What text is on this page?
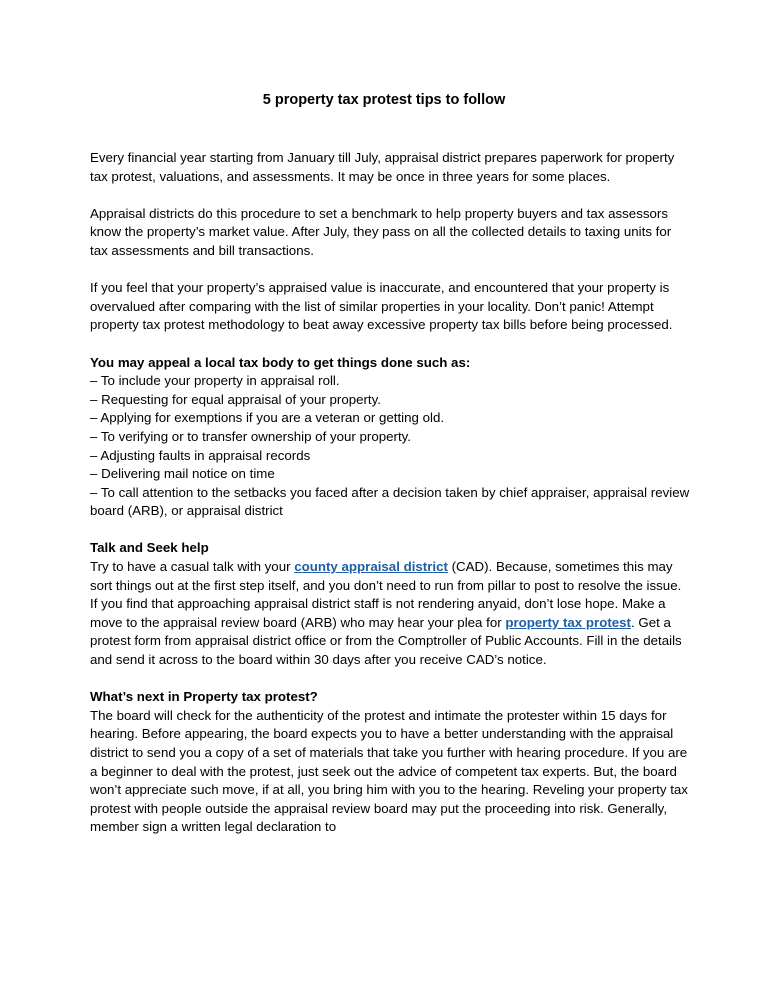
5 property tax protest tips to follow

Every financial year starting from January till July, appraisal district prepares paperwork for property tax protest, valuations, and assessments. It may be once in three years for some places.

Appraisal districts do this procedure to set a benchmark to help property buyers and tax assessors know the property’s market value. After July, they pass on all the collected details to taxing units for tax assessments and bill transactions.

If you feel that your property’s appraised value is inaccurate, and encountered that your property is overvalued after comparing with the list of similar properties in your locality. Don’t panic! Attempt property tax protest methodology to beat away excessive property tax bills before being processed.

You may appeal a local tax body to get things done such as:
– To include your property in appraisal roll.
– Requesting for equal appraisal of your property.
– Applying for exemptions if you are a veteran or getting old.
– To verifying or to transfer ownership of your property.
– Adjusting faults in appraisal records
– Delivering mail notice on time
– To call attention to the setbacks you faced after a decision taken by chief appraiser, appraisal review board (ARB), or appraisal district
Talk and Seek help
Try to have a casual talk with your county appraisal district (CAD). Because, sometimes this may sort things out at the first step itself, and you don’t need to run from pillar to post to resolve the issue. If you find that approaching appraisal district staff is not rendering anyaid, don’t lose hope. Make a move to the appraisal review board (ARB) who may hear your plea for property tax protest. Get a protest form from appraisal district office or from the Comptroller of Public Accounts. Fill in the details and send it across to the board within 30 days after you receive CAD’s notice.
What’s next in Property tax protest?
The board will check for the authenticity of the protest and intimate the protester within 15 days for hearing. Before appearing, the board expects you to have a better understanding with the appraisal district to send you a copy of a set of materials that take you further with hearing procedure. If you are a beginner to deal with the protest, just seek out the advice of competent tax experts. But, the board won’t appreciate such move, if at all, you bring him with you to the hearing. Reveling your property tax protest with people outside the appraisal review board may put the proceeding into risk. Generally, member sign a written legal declaration to
